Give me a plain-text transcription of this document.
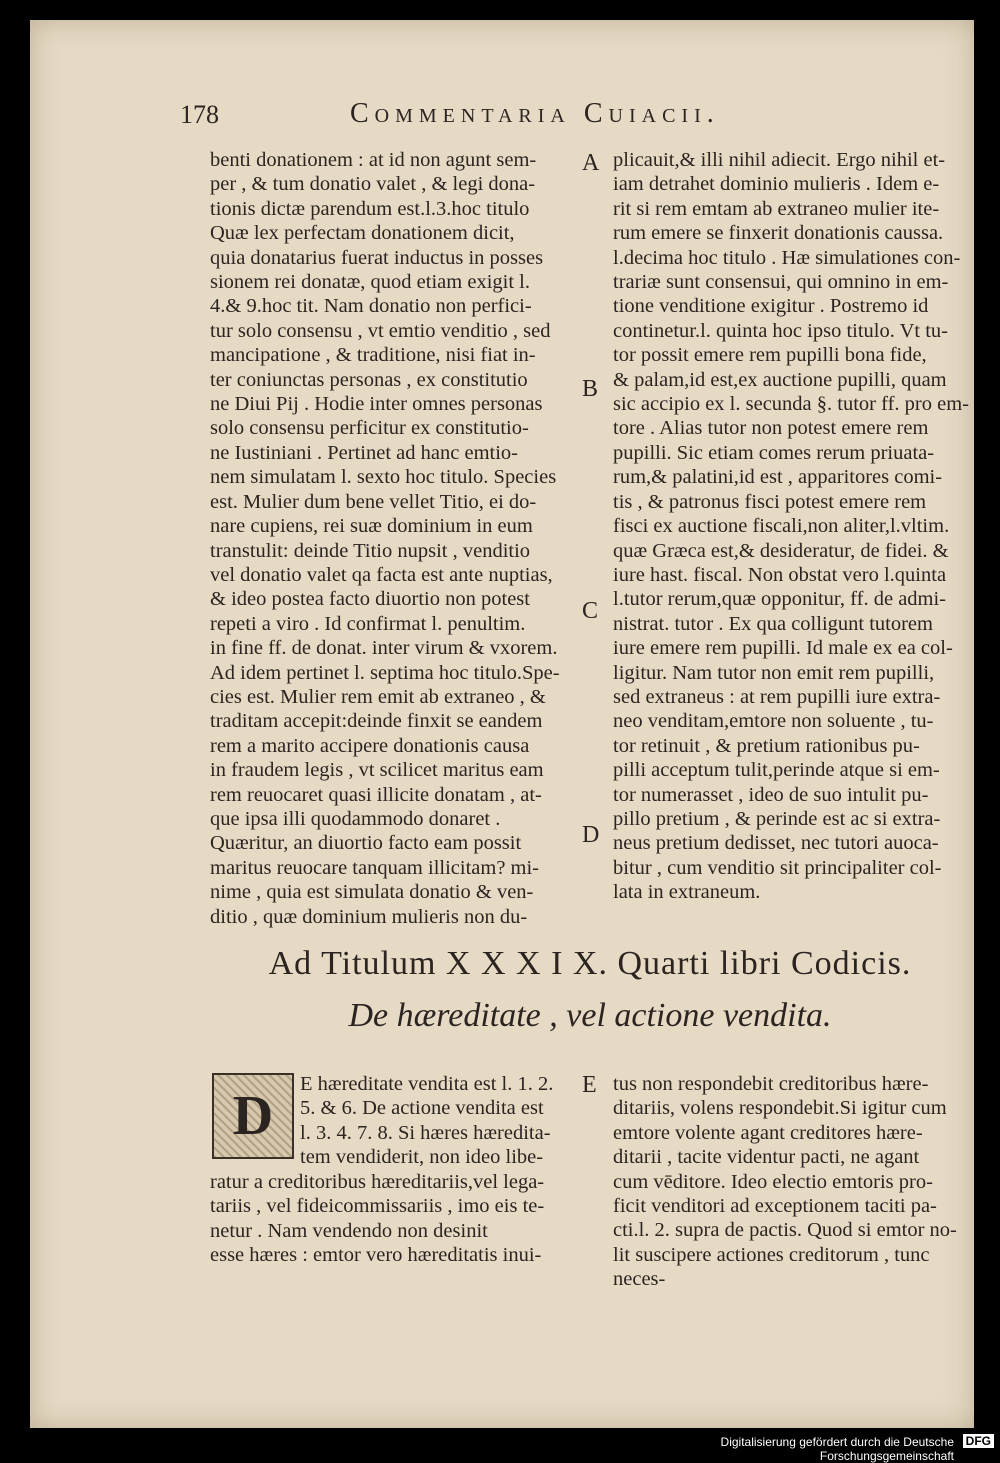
178	Commentaria Cuiacii.
benti donationem : at id non agunt sem-
per , & tum donatio valet , & legi dona-
tionis dictæ parendum est.l.3.hoc titulo
Quæ lex perfectam donationem dicit,
quia donatarius fuerat inductus in posses
sionem rei donatæ, quod etiam exigit l.
4.& 9.hoc tit. Nam donatio non perfici-
tur solo consensu , vt emtio venditio , sed
mancipatione , & traditione, nisi fiat in-
ter coniunctas personas , ex constitutio
ne Diui Pij . Hodie inter omnes personas
solo consensu perficitur ex constitutio-
ne Iustiniani . Pertinet ad hanc emtio-
nem simulatam l. sexto hoc titulo. Species
est. Mulier dum bene vellet Titio, ei do-
nare cupiens, rei suæ dominium in eum
transtulit: deinde Titio nupsit , venditio
vel donatio valet qa facta est ante nuptias,
& ideo postea facto diuortio non potest
repeti a viro . Id confirmat l. penultim.
in fine ff. de donat. inter virum & vxorem.
Ad idem pertinet l. septima hoc titulo.Spe-
cies est. Mulier rem emit ab extraneo , &
traditam accepit:deinde finxit se eandem
rem a marito accipere donationis causa
in fraudem legis , vt scilicet maritus eam
rem reuocaret quasi illicite donatam , at-
que ipsa illi quodammodo donaret .
Quæritur, an diuortio facto eam possit
maritus reuocare tanquam illicitam? mi-
nime , quia est simulata donatio & ven-
ditio , quæ dominium mulieris non du-
plicauit,& illi nihil adiecit. Ergo nihil et-
iam detrahet dominio mulieris . Idem e-
rit si rem emtam ab extraneo mulier ite-
rum emere se finxerit donationis caussa.
l.decima hoc titulo . Hæ simulationes con-
trariæ sunt consensui, qui omnino in em-
tione venditione exigitur . Postremo id
continetur.l. quinta hoc ipso titulo. Vt tu-
tor possit emere rem pupilli bona fide,
& palam,id est,ex auctione pupilli, quam
sic accipio ex l. secunda §. tutor ff. pro em-
tore . Alias tutor non potest emere rem
pupilli. Sic etiam comes rerum priuata-
rum,& palatini,id est , apparitores comi-
tis , & patronus fisci potest emere rem
fisci ex auctione fiscali,non aliter,l.vltim.
quæ Græca est,& desideratur, de fidei. &
iure hast. fiscal. Non obstat vero l.quinta
l.tutor rerum,quæ opponitur, ff. de admi-
nistrat. tutor . Ex qua colligunt tutorem
iure emere rem pupilli. Id male ex ea col-
ligitur. Nam tutor non emit rem pupilli,
sed extraneus : at rem pupilli iure extra-
neo venditam,emtore non soluente , tu-
tor retinuit , & pretium rationibus pu-
pilli acceptum tulit,perinde atque si em-
tor numerasset , ideo de suo intulit pu-
pillo pretium , & perinde est ac si extra-
neus pretium dedisset, nec tutori auoca-
bitur , cum venditio sit principaliter col-
lata in extraneum.
A
B
C
D
E
Ad Titulum X X X I X. Quarti libri Codicis.
De hæreditate , vel actione vendita.
D
E hæreditate vendita est l. 1. 2.
5. & 6. De actione vendita est
l. 3. 4. 7. 8. Si hæres hæredita-
tem vendiderit, non ideo libe-
ratur a creditoribus hæreditariis,vel lega-
tariis , vel fideicommissariis , imo eis te-
netur . Nam vendendo non desinit
esse hæres : emtor vero hæreditatis inui-
tus non respondebit creditoribus hære-
ditariis, volens respondebit.Si igitur cum
emtore volente agant creditores hære-
ditarii , tacite videntur pacti, ne agant
cum vēditore. Ideo electio emtoris pro-
ficit venditori ad exceptionem taciti pa-
cti.l. 2. supra de pactis. Quod si emtor no-
lit suscipere actiones creditorum , tunc
neces-
Digitalisierung gefördert durch die Deutsche Forschungsgemeinschaft
DFG
